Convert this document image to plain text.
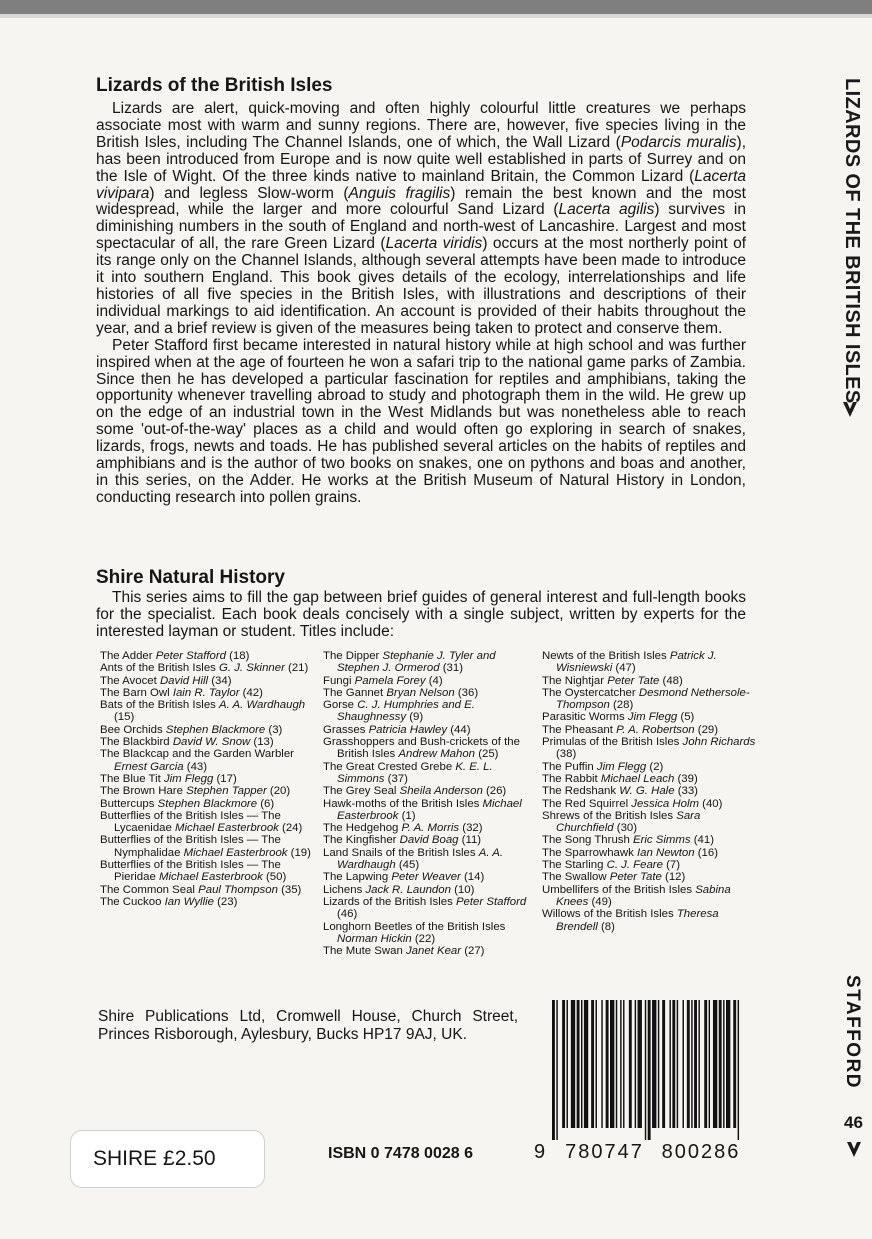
LIZARDS OF THE BRITISH ISLES
STAFFORD
46
Lizards of the British Isles

Lizards are alert, quick-moving and often highly colourful little creatures we perhaps associate most with warm and sunny regions. There are, however, five species living in the British Isles, including The Channel Islands, one of which, the Wall Lizard (Podarcis muralis), has been introduced from Europe and is now quite well established in parts of Surrey and on the Isle of Wight. Of the three kinds native to mainland Britain, the Common Lizard (Lacerta vivipara) and legless Slow-worm (Anguis fragilis) remain the best known and the most widespread, while the larger and more colourful Sand Lizard (Lacerta agilis) survives in diminishing numbers in the south of England and north-west of Lancashire. Largest and most spectacular of all, the rare Green Lizard (Lacerta viridis) occurs at the most northerly point of its range only on the Channel Islands, although several attempts have been made to introduce it into southern England. This book gives details of the ecology, interrelationships and life histories of all five species in the British Isles, with illustrations and descriptions of their individual markings to aid identification. An account is provided of their habits throughout the year, and a brief review is given of the measures being taken to protect and conserve them.

Peter Stafford first became interested in natural history while at high school and was further inspired when at the age of fourteen he won a safari trip to the national game parks of Zambia. Since then he has developed a particular fascination for reptiles and amphibians, taking the opportunity whenever travelling abroad to study and photograph them in the wild. He grew up on the edge of an industrial town in the West Midlands but was nonetheless able to reach some 'out-of-the-way' places as a child and would often go exploring in search of snakes, lizards, frogs, newts and toads. He has published several articles on the habits of reptiles and amphibians and is the author of two books on snakes, one on pythons and boas and another, in this series, on the Adder. He works at the British Museum of Natural History in London, conducting research into pollen grains.

Shire Natural History

This series aims to fill the gap between brief guides of general interest and full-length books for the specialist. Each book deals concisely with a single subject, written by experts for the interested layman or student. Titles include:

The Adder Peter Stafford (18)

Ants of the British Isles G. J. Skinner (21)

The Avocet David Hill (34)

The Barn Owl Iain R. Taylor (42)

Bats of the British Isles A. A. Wardhaugh (15)

Bee Orchids Stephen Blackmore (3)

The Blackbird David W. Snow (13)

The Blackcap and the Garden Warbler Ernest Garcia (43)

The Blue Tit Jim Flegg (17)

The Brown Hare Stephen Tapper (20)

Buttercups Stephen Blackmore (6)

Butterflies of the British Isles — The Lycaenidae Michael Easterbrook (24)

Butterflies of the British Isles — The Nymphalidae Michael Easterbrook (19)

Butterflies of the British Isles — The Pieridae Michael Easterbrook (50)

The Common Seal Paul Thompson (35)

The Cuckoo Ian Wyllie (23)

The Dipper Stephanie J. Tyler and Stephen J. Ormerod (31)

Fungi Pamela Forey (4)

The Gannet Bryan Nelson (36)

Gorse C. J. Humphries and E. Shaughnessy (9)

Grasses Patricia Hawley (44)

Grasshoppers and Bush-crickets of the British Isles Andrew Mahon (25)

The Great Crested Grebe K. E. L. Simmons (37)

The Grey Seal Sheila Anderson (26)

Hawk-moths of the British Isles Michael Easterbrook (1)

The Hedgehog P. A. Morris (32)

The Kingfisher David Boag (11)

Land Snails of the British Isles A. A. Wardhaugh (45)

The Lapwing Peter Weaver (14)

Lichens Jack R. Laundon (10)

Lizards of the British Isles Peter Stafford (46)

Longhorn Beetles of the British Isles Norman Hickin (22)

The Mute Swan Janet Kear (27)

Newts of the British Isles Patrick J. Wisniewski (47)

The Nightjar Peter Tate (48)

The Oystercatcher Desmond Nethersole-Thompson (28)

Parasitic Worms Jim Flegg (5)

The Pheasant P. A. Robertson (29)

Primulas of the British Isles John Richards (38)

The Puffin Jim Flegg (2)

The Rabbit Michael Leach (39)

The Redshank W. G. Hale (33)

The Red Squirrel Jessica Holm (40)

Shrews of the British Isles Sara Churchfield (30)

The Song Thrush Eric Simms (41)

The Sparrowhawk Ian Newton (16)

The Starling C. J. Feare (7)

The Swallow Peter Tate (12)

Umbellifers of the British Isles Sabina Knees (49)

Willows of the British Isles Theresa Brendell (8)

Shire Publications Ltd, Cromwell House, Church Street, Princes Risborough, Aylesbury, Bucks HP17 9AJ, UK.
9 780747 800286
ISBN 0 7478 0028 6
SHIRE £2.50
